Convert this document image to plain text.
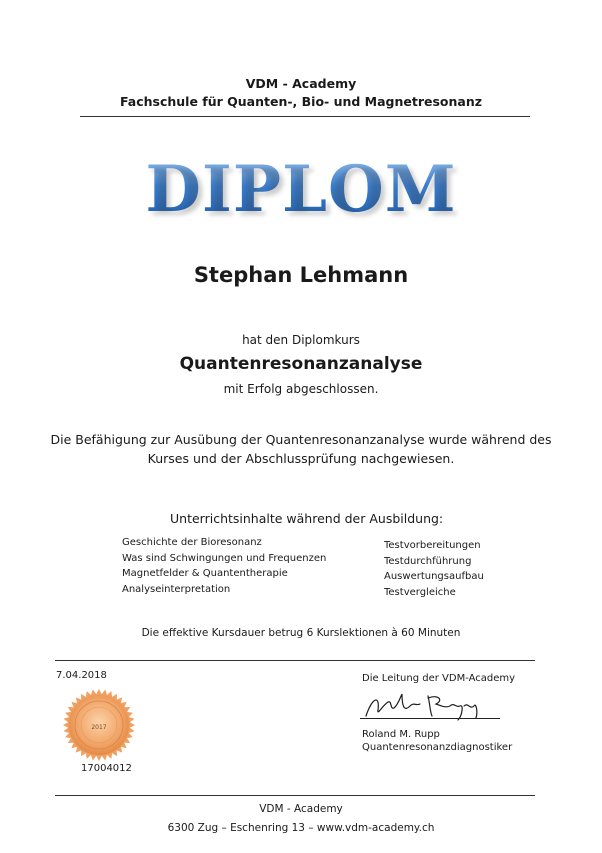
VDM - Academy
Fachschule für Quanten-, Bio- und Magnetresonanz
DIPLOM
Stephan Lehmann
hat den Diplomkurs
Quantenresonanzanalyse
mit Erfolg abgeschlossen.
Die Befähigung zur Ausübung der Quantenresonanzanalyse wurde während des
Kurses und der Abschlussprüfung nachgewiesen.
Unterrichtsinhalte während der Ausbildung:
Geschichte der Bioresonanz
Was sind Schwingungen und Frequenzen
Magnetfelder & Quantentherapie
Analyseinterpretation
Testvorbereitungen
Testdurchführung
Auswertungsaufbau
Testvergleiche
Die effektive Kursdauer betrug 6 Kurslektionen à 60 Minuten
7.04.2018
2017
17004012
Die Leitung der VDM-Academy
Roland M. Rupp
Quantenresonanzdiagnostiker
VDM - Academy
6300 Zug – Eschenring 13 – www.vdm-academy.ch
